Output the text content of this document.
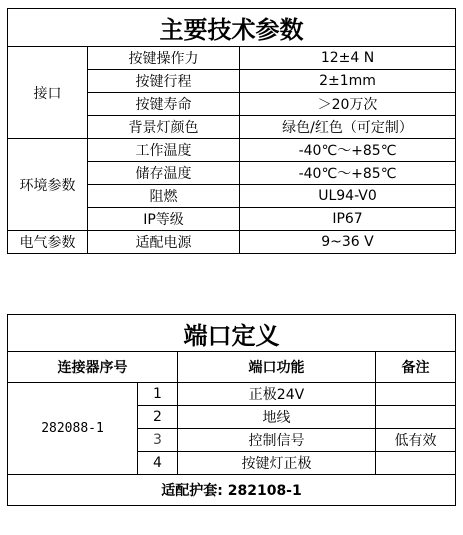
主要技术参数		
接口	按键操作力	12±4 N
	按键行程	2±1mm
	按键寿命	＞20万次
	背景灯颜色	绿色/红色（可定制）
环境参数	工作温度	-40℃～+85℃
	储存温度	-40℃～+85℃
	阻燃	UL94-V0
	IP等级	IP67
电气参数	适配电源	9~36 V
端口定义			
连接器序号		端口功能	备注
282088-1	1	正极24V	
	2	地线	
	3	控制信号	低有效
	4	按键灯正极	
适配护套: 282108-1			
